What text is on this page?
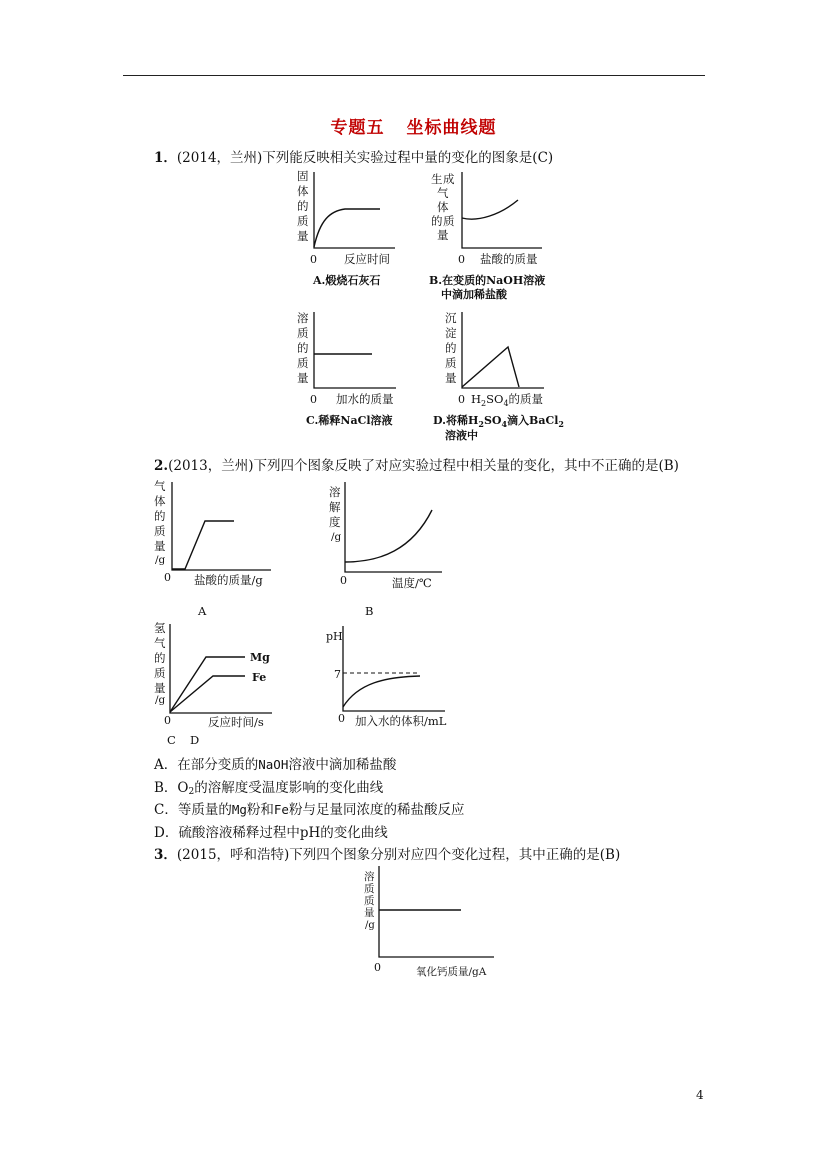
专题五 坐标曲线题
1．(2014，兰州)下列能反映相关实验过程中量的变化的图象是(C)
固
体
的
质
量
0 反应时间
A.煅烧石灰石
生 成
气
体
的 质
量
0 盐酸的质量
B.在变质的NaOH溶液
中滴加稀盐酸
溶
质
的
质
量
0 加水的质量
C.稀释NaCl溶液
沉
淀
的
质
量
0 $H_2SO_4$的质量
D.将稀$H_2SO_4$滴入BaCl$_2$
溶液中
气
体
的
质
量
/g
0 盐酸的质量/g
A
溶
解
度
/g
0	温度/℃
B
氢
气
的
质
量
/g
Mg
Fe
0	反应时间/s
C D
pH
7
0 加入水的体积/mL
溶
质
质
量
/g
0	氧化钙质量/gA
2.(2013，兰州)下列四个图象反映了对应实验过程中相关量的变化，其中不正确的是(B)
A．在部分变质的NaOH溶液中滴加稀盐酸
B．$O_2$的溶解度受温度影响的变化曲线
C．等质量的Mg粉和Fe粉与足量同浓度的稀盐酸反应
D．硫酸溶液稀释过程中pH的变化曲线
3．(2015，呼和浩特)下列四个图象分别对应四个变化过程，其中正确的是(B)
4
